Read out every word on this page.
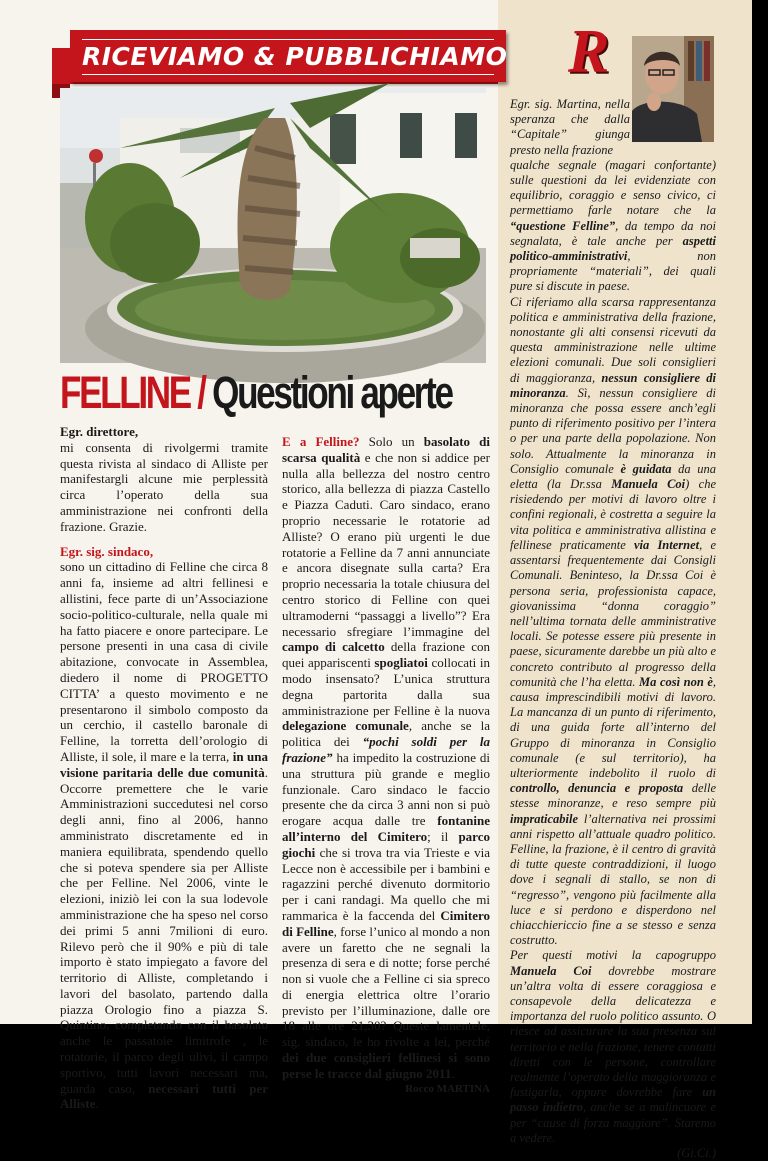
RICEVIAMO & PUBBLICHIAMO R
FELLINE / Questioni aperte

Egr. direttore,

mi consenta di rivolgermi tramite questa rivista al sindaco di Alliste per manifestargli alcune mie perplessità circa l’operato della sua amministrazione nei confronti della frazione. Grazie.

Egr. sig. sindaco,

sono un cittadino di Felline che circa 8 anni fa, insieme ad altri fellinesi e allistini, fece parte di un’Associazione socio-politico-culturale, nella quale mi ha fatto piacere e onore partecipare. Le persone presenti in una casa di civile abitazione, convocate in Assemblea, diedero il nome di PROGETTO CITTA’ a questo movimento e ne presentarono il simbolo composto da un cerchio, il castello baronale di Felline, la torretta dell’orologio di Alliste, il sole, il mare e la terra, in una visione paritaria delle due comunità. Occorre premettere che le varie Amministrazioni succedutesi nel corso degli anni, fino al 2006, hanno amministrato discretamente ed in maniera equilibrata, spendendo quello che si poteva spendere sia per Alliste che per Felline. Nel 2006, vinte le elezioni, iniziò lei con la sua lodevole amministrazione che ha speso nel corso dei primi 5 anni 7milioni di euro. Rilevo però che il 90% e più di tale importo è stato impiegato a favore del territorio di Alliste, completando i lavori del basolato, partendo dalla piazza Orologio fino a piazza S. Quintino, completando con il basolato anche le passatoie limitrofe , le rotatorie, il parco degli ulivi, il campo sportivo, tutti lavori necessari ma, guarda caso, necessari tutti per Alliste.

E a Felline? Solo un basolato di scarsa qualità e che non si addice per nulla alla bellezza del nostro centro storico, alla bellezza di piazza Castello e Piazza Caduti. Caro sindaco, erano proprio necessarie le rotatorie ad Alliste? O erano più urgenti le due rotatorie a Felline da 7 anni annunciate e ancora disegnate sulla carta? Era proprio necessaria la totale chiusura del centro storico di Felline con quei ultramoderni “passaggi a livello”? Era necessario sfregiare l’immagine del campo di calcetto della frazione con quei appariscenti spogliatoi collocati in modo insensato? L’unica struttura degna partorita dalla sua amministrazione per Felline è la nuova delegazione comunale, anche se la politica dei “pochi soldi per la frazione” ha impedito la costruzione di una struttura più grande e meglio funzionale. Caro sindaco le faccio presente che da circa 3 anni non si può erogare acqua dalle tre fontanine all’interno del Cimitero; il parco giochi che si trova tra via Trieste e via Lecce non è accessibile per i bambini e ragazzini perché divenuto dormitorio per i cani randagi. Ma quello che mi rammarica è la faccenda del Cimitero di Felline, forse l’unico al mondo a non avere un faretto che ne segnali la presenza di sera e di notte; forse perché non si vuole che a Felline ci sia spreco di energia elettrica oltre l’orario previsto per l’illuminazione, dalle ore 18 alle ore 21,30? Queste lamentele, sig. sindaco, le ho rivolte a lei, perché dei due consiglieri fellinesi si sono perse le tracce dal giugno 2011.

Rocco MARTINA

Egr. sig. Martina, nella speranza che dalla “Capitale” giunga presto nella frazione

qualche segnale (magari confortante) sulle questioni da lei evidenziate con equilibrio, coraggio e senso civico, ci permettiamo farle notare che la “questione Felline”, da tempo da noi segnalata, è tale anche per aspetti politico-amministrativi, non propriamente “materiali”, dei quali pure si discute in paese.

Ci riferiamo alla scarsa rappresentanza politica e amministrativa della frazione, nonostante gli alti consensi ricevuti da questa amministrazione nelle ultime elezioni comunali. Due soli consiglieri di maggioranza, nessun consigliere di minoranza. Sì, nessun consigliere di minoranza che possa essere anch’egli punto di riferimento positivo per l’intera o per una parte della popolazione. Non solo. Attualmente la minoranza in Consiglio comunale è guidata da una eletta (la Dr.ssa Manuela Coi) che risiedendo per motivi di lavoro oltre i confini regionali, è costretta a seguire la vita politica e amministrativa allistina e fellinese praticamente via Internet, e assentarsi frequentemente dai Consigli Comunali. Beninteso, la Dr.ssa Coi è persona seria, professionista capace, giovanissima “donna coraggio” nell’ultima tornata delle amministrative locali. Se potesse essere più presente in paese, sicuramente darebbe un più alto e concreto contributo al progresso della comunità che l’ha eletta. Ma così non è, causa imprescindibili motivi di lavoro. La mancanza di un punto di riferimento, di una guida forte all’interno del Gruppo di minoranza in Consiglio comunale (e sul territorio), ha ulteriormente indebolito il ruolo di controllo, denuncia e proposta delle stesse minoranze, e reso sempre più impraticabile l’alternativa nei prossimi anni rispetto all’attuale quadro politico. Felline, la frazione, è il centro di gravità di tutte queste contraddizioni, il luogo dove i segnali di stallo, se non di “regresso”, vengono più facilmente alla luce e si perdono e disperdono nel chiacchiericcio fine a se stesso e senza costrutto.

Per questi motivi la capogruppo Manuela Coi dovrebbe mostrare un’altra volta di essere coraggiosa e consapevole della delicatezza e importanza del ruolo politico assunto. O riesce ad assicurare la sua presenza sul territorio e nella frazione, tenere contatti diretti con le persone, controllare realmente l’operato della maggioranza e fustigarla, oppure dovrebbe fare un passo indietro, anche se a malincuore e per “cause di forza maggiore”. Staremo a vedere.

(Gi.Ci.)
